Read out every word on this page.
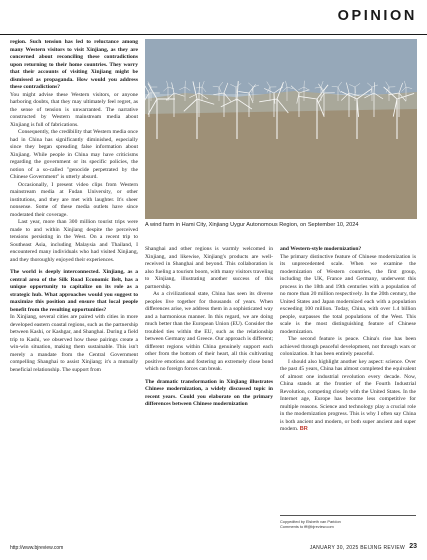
OPINION

region. Such tension has led to reluctance among many Western visitors to visit Xinjiang, as they are concerned about reconciling these contradictions upon returning to their home countries. They worry that their accounts of visiting Xinjiang might be dismissed as propaganda. How would you address these contradictions?

You might advise these Western visitors, or anyone harboring doubts, that they may ultimately feel regret, as the sense of tension is unwarranted. The narrative constructed by Western mainstream media about Xinjiang is full of fabrications.

Consequently, the credibility that Western media once had in China has significantly diminished, especially since they began spreading false information about Xinjiang. While people in China may have criticisms regarding the government or its specific policies, the notion of a so-called "genocide perpetrated by the Chinese Government" is utterly absurd.

Occasionally, I present video clips from Western mainstream media at Fudan University, or other institutions, and they are met with laughter. It's sheer nonsense. Some of these media outlets have since moderated their coverage.

Last year, more than 300 million tourist trips were made to and within Xinjiang despite the perceived tensions persisting in the West. On a recent trip to Southeast Asia, including Malaysia and Thailand, I encountered many individuals who had visited Xinjiang, and they thoroughly enjoyed their experiences.

The world is deeply interconnected. Xinjiang, as a central area of the Silk Road Economic Belt, has a unique opportunity to capitalize on its role as a strategic hub. What approaches would you suggest to maximize this position and ensure that local people benefit from the resulting opportunities?

In Xinjiang, several cities are paired with cities in more developed eastern coastal regions, such as the partnership between Kashi, or Kashgar, and Shanghai. During a field trip to Kashi, we observed how these pairings create a win-win situation, making them sustainable. This isn't merely a mandate from the Central Government compelling Shanghai to assist Xinjiang; it's a mutually beneficial relationship. The support from

A wind farm in Hami City, Xinjiang Uygur Autonomous Region, on September 10, 2024

Shanghai and other regions is warmly welcomed in Xinjiang, and likewise, Xinjiang's products are well-received in Shanghai and beyond. This collaboration is also fueling a tourism boom, with many visitors traveling to Xinjiang, illustrating another success of this partnership.

As a civilizational state, China has seen its diverse peoples live together for thousands of years. When differences arise, we address them in a sophisticated way and a harmonious manner. In this regard, we are doing much better than the European Union (EU). Consider the troubled ties within the EU, such as the relationship between Germany and Greece. Our approach is different; different regions within China genuinely support each other from the bottom of their heart, all this cultivating positive emotions and fostering an extremely close bond which no foreign forces can break.

The dramatic transformation in Xinjiang illustrates Chinese modernization, a widely discussed topic in recent years. Could you elaborate on the primary differences between Chinese modernization

and Western-style modernization?

The primary distinctive feature of Chinese modernization is its unprecedented scale. When we examine the modernization of Western countries, the first group, including the UK, France and Germany, underwent this process in the 18th and 19th centuries with a population of no more than 20 million respectively. In the 20th century, the United States and Japan modernized each with a population exceeding 100 million. Today, China, with over 1.4 billion people, surpasses the total populations of the West. This scale is the most distinguishing feature of Chinese modernization.

The second feature is peace. China's rise has been achieved through peaceful development, not through wars or colonization. It has been entirely peaceful.

I should also highlight another key aspect: science. Over the past 45 years, China has almost completed the equivalent of almost one industrial revolution every decade. Now, China stands at the frontier of the Fourth Industrial Revolution, competing closely with the United States. In the Internet age, Europe has become less competitive for multiple reasons. Science and technology play a crucial role in the modernization progress. This is why I often say China is both ancient and modern, or both super ancient and super modern. BR

Copyedited by Elsbeth van Paridon
Comments to fff@bjreview.com
http://www.bjreview.com	JANUARY 30, 2025 BEIJING REVIEW 23
